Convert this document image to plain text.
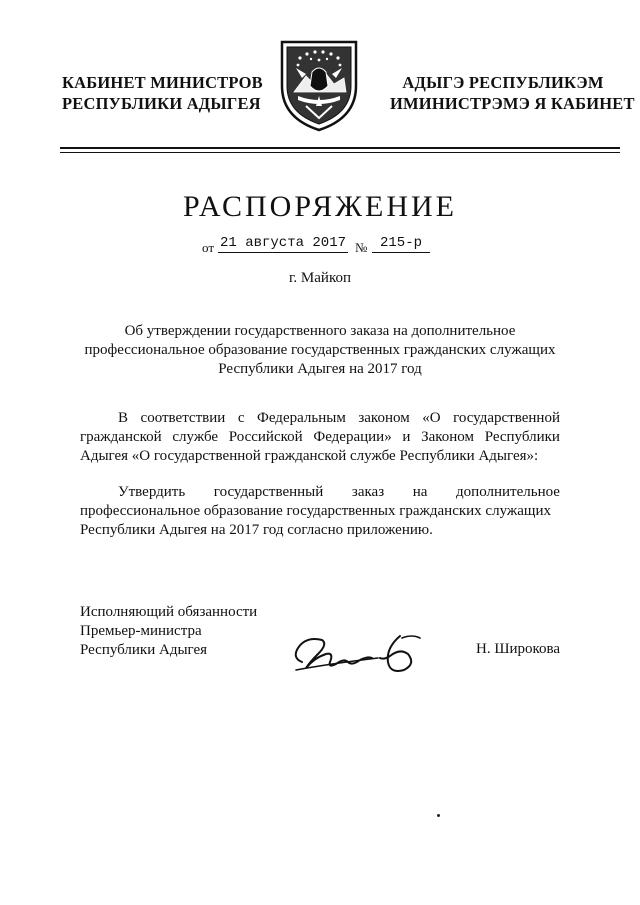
КАБИНЕТ МИНИСТРОВ
РЕСПУБЛИКИ АДЫГЕЯ
АДЫГЭ РЕСПУБЛИКЭМ
ИМИНИСТРЭМЭ Я КАБИНЕТ
РАСПОРЯЖЕНИЕ
от 21 августа 2017 № 215-р
г. Майкоп
Об утверждении государственного заказа на дополнительное
профессиональное образование государственных гражданских служащих
Республики Адыгея на 2017 год
В соответствии с Федеральным законом «О государственной
гражданской службе Российской Федерации» и Законом Республики
Адыгея «О государственной гражданской службе Республики Адыгея»:
Утвердить государственный заказ на дополнительное
профессиональное образование государственных гражданских служащих
Республики Адыгея на 2017 год согласно приложению.
Исполняющий обязанности
Премьер-министра
Республики Адыгея	Н. Широкова
